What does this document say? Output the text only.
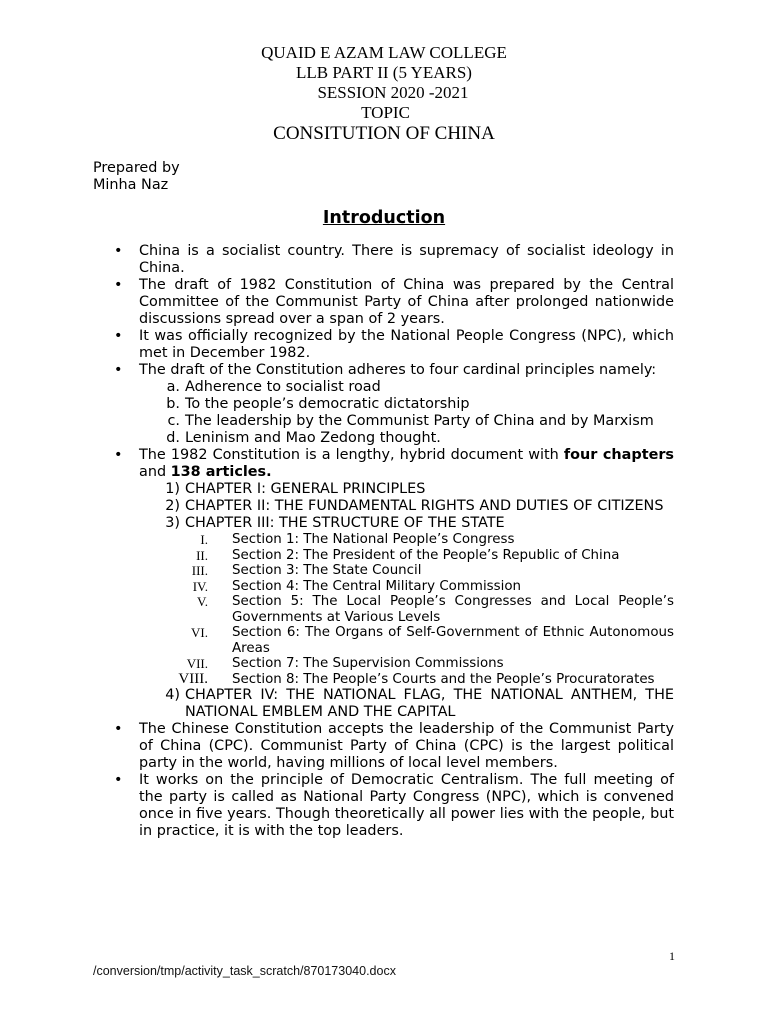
QUAID E AZAM LAW COLLEGE
LLB PART II (5 YEARS)
SESSION 2020 -2021
TOPIC
CONSITUTION OF CHINA
Prepared by
Minha Naz
Introduction
• China is a socialist country. There is supremacy of socialist ideology in China.
• The draft of 1982 Constitution of China was prepared by the Central Committee of the Communist Party of China after prolonged nationwide discussions spread over a span of 2 years.
• It was officially recognized by the National People Congress (NPC), which met in December 1982.
• The draft of the Constitution adheres to four cardinal principles namely:
a. Adherence to socialist road
b. To the people’s democratic dictatorship
c. The leadership by the Communist Party of China and by Marxism
d. Leninism and Mao Zedong thought.
• The 1982 Constitution is a lengthy, hybrid document with four chapters and 138 articles.
1) CHAPTER I: GENERAL PRINCIPLES
2) CHAPTER II: THE FUNDAMENTAL RIGHTS AND DUTIES OF CITIZENS
3) CHAPTER III: THE STRUCTURE OF THE STATE
I. Section 1: The National People’s Congress
II. Section 2: The President of the People’s Republic of China
III. Section 3: The State Council
IV. Section 4: The Central Military Commission
V. Section 5: The Local People’s Congresses and Local People’s Governments at Various Levels
VI. Section 6: The Organs of Self-Government of Ethnic Autonomous Areas
VII. Section 7: The Supervision Commissions
VIII. Section 8: The People’s Courts and the People’s Procuratorates
4) CHAPTER IV: THE NATIONAL FLAG, THE NATIONAL ANTHEM, THE NATIONAL EMBLEM AND THE CAPITAL
• The Chinese Constitution accepts the leadership of the Communist Party of China (CPC). Communist Party of China (CPC) is the largest political party in the world, having millions of local level members.
• It works on the principle of Democratic Centralism. The full meeting of the party is called as National Party Congress (NPC), which is convened once in five years. Though theoretically all power lies with the people, but in practice, it is with the top leaders.
1
/conversion/tmp/activity_task_scratch/870173040.docx
